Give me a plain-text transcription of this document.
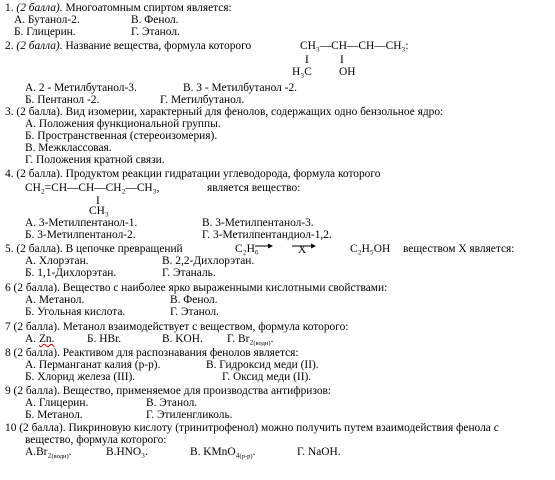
1. (2 балла). Многоатомным спиртом является:
А. Бутанол-2.	В. Фенол.
Б. Глицерин.	Г. Этанол.
2. (2 балла). Название вещества, формула которого	CH₃—CH—CH—CH₃:
I	I
H₃C OH
А. 2 - Метилбутанол-3.	В. 3 - Метилбутанол -2.
Б. Пентанол -2.	Г. Метилбутанол.
3. (2 балла). Вид изомерии, характерный для фенолов, содержащих одно бензольное ядро:
А. Положения функциональной группы.
Б. Пространственная (стереоизомерия).
В. Межклассовая.
Г. Положения кратной связи.
4. (2 балла). Продуктом реакции гидратации углеводорода, формула которого
CH₂=CH—CH—CH₂—CH₃,	является вещество:
I
CH₃
А. 3-Метилпентанол-1.	В. 3-Метилпентанол-3.
Б. 3-Метилпентанол-2.	Г. 3-Метилпентандиол-1,2.
5. (2 балла). В цепочке превращений	C₂H₆	X	C₂H₅OH веществом Х является:
А. Хлорэтан.	В. 2,2-Дихлорэтан.
Б. 1,1-Дихлорэтан.	Г. Этаналь.
6 (2 балла). Вещество с наиболее ярко выраженными кислотными свойствами:
А. Метанол.	В. Фенол.
Б. Угольная кислота.	Г. Этанол.
7 (2 балла). Метанол взаимодействует с веществом, формула которого:
А. Zn.	Б. HBr.	В. KOH. Г. $Br_2_{(водн)}$.
8 (2 балла). Реактивом для распознавания фенолов является:
А. Перманганат калия (р-р).	В. Гидроксид меди (II).
Б. Хлорид железа (III).	Г. Оксид меди (II).
9 (2 балла). Вещество, применяемое для производства антифризов:
А. Глицерин.	В. Этанол.
Б. Метанол.	Г. Этиленгликоль.
10 (2 балла). Пикриновую кислоту (тринитрофенол) можно получить путем взаимодействия фенола с
вещество, формула которого:
$А.Br_2_{(водн)}$.	В.HNO₃.	В. $KMnO_4_{(р-р)}$.	Г. NaOH.
